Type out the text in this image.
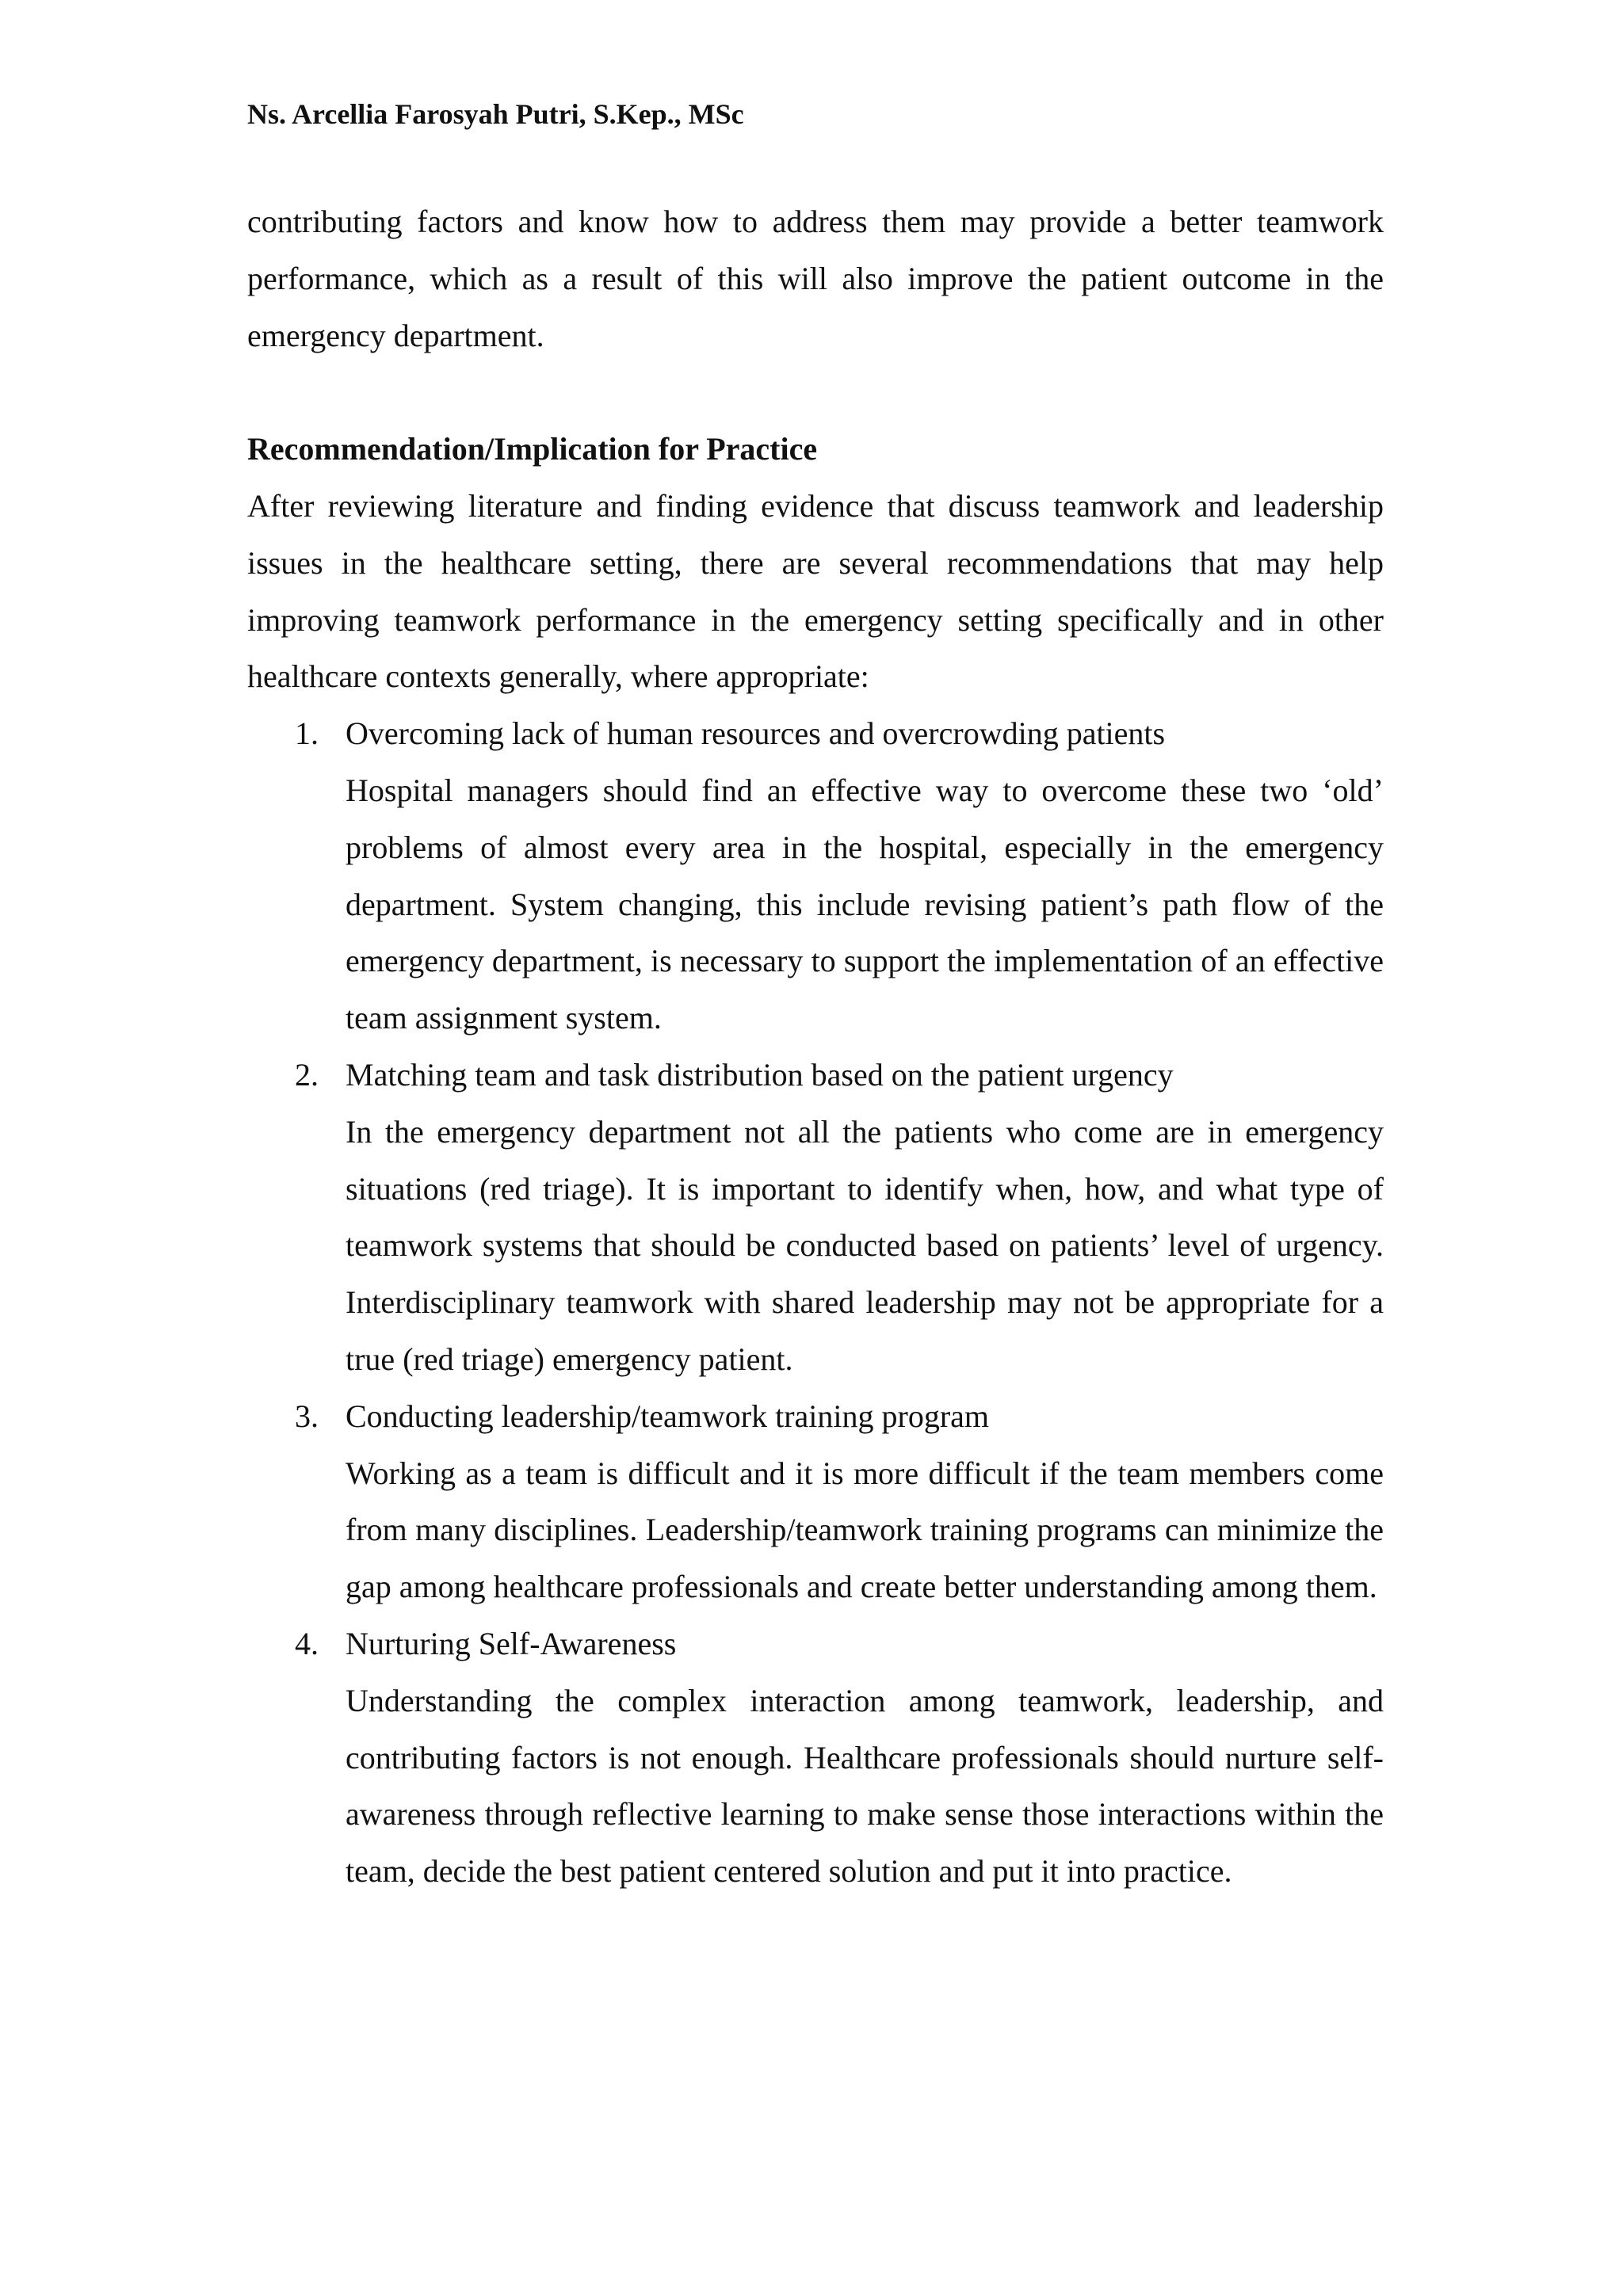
Ns. Arcellia Farosyah Putri, S.Kep., MSc

contributing factors and know how to address them may provide a better teamwork performance, which as a result of this will also improve the patient outcome in the emergency department.

Recommendation/Implication for Practice

After reviewing literature and finding evidence that discuss teamwork and leadership issues in the healthcare setting, there are several recommendations that may help improving teamwork performance in the emergency setting specifically and in other healthcare contexts generally, where appropriate:

1. Overcoming lack of human resources and overcrowding patients

Hospital managers should find an effective way to overcome these two ‘old’ problems of almost every area in the hospital, especially in the emergency department. System changing, this include revising patient’s path flow of the emergency department, is necessary to support the implementation of an effective team assignment system.

2. Matching team and task distribution based on the patient urgency

In the emergency department not all the patients who come are in emergency situations (red triage). It is important to identify when, how, and what type of teamwork systems that should be conducted based on patients’ level of urgency. Interdisciplinary teamwork with shared leadership may not be appropriate for a true (red triage) emergency patient.

3. Conducting leadership/teamwork training program

Working as a team is difficult and it is more difficult if the team members come from many disciplines. Leadership/teamwork training programs can minimize the gap among healthcare professionals and create better understanding among them.

4. Nurturing Self-Awareness

Understanding the complex interaction among teamwork, leadership, and contributing factors is not enough. Healthcare professionals should nurture self-awareness through reflective learning to make sense those interactions within the team, decide the best patient centered solution and put it into practice.
